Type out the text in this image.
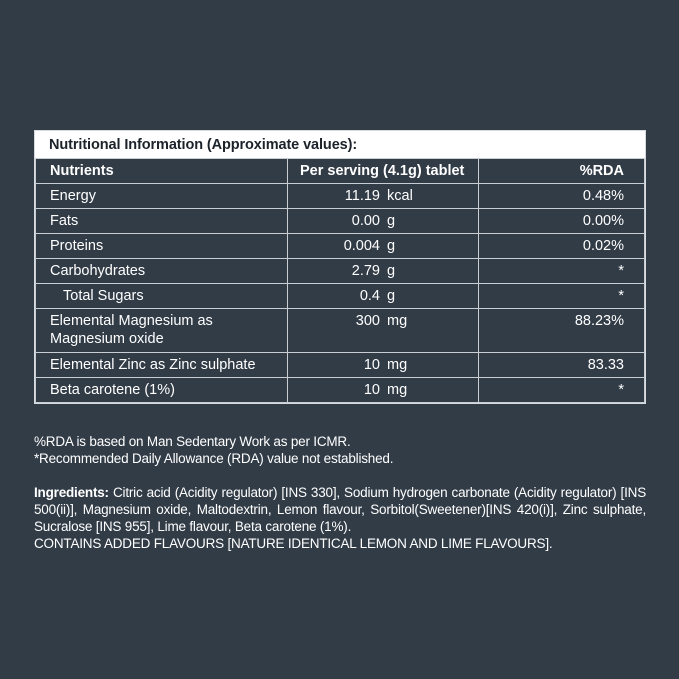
Nutritional Information (Approximate values):
Nutrients	Per serving (4.1g) tablet	%RDA
Energy	11.19 kcal	0.48%
Fats	0.00 g	0.00%
Proteins	0.004 g	0.02%
Carbohydrates	2.79 g	*
Total Sugars	0.4 g	*

Elemental Magnesium as
Magnesium oxide	300 mg	88.23%
Elemental Zinc as Zinc sulphate	10 mg	83.33
Beta carotene (1%)	10 mg	*
%RDA is based on Man Sedentary Work as per ICMR.
*Recommended Daily Allowance (RDA) value not established.
Ingredients: Citric acid (Acidity regulator) [INS 330], Sodium hydrogen carbonate (Acidity regulator) [INS 500(ii)], Magnesium oxide, Maltodextrin, Lemon flavour, Sorbitol(Sweetener)[INS 420(i)], Zinc sulphate, Sucralose [INS 955], Lime flavour, Beta carotene (1%).
CONTAINS ADDED FLAVOURS [NATURE IDENTICAL LEMON AND LIME FLAVOURS].
